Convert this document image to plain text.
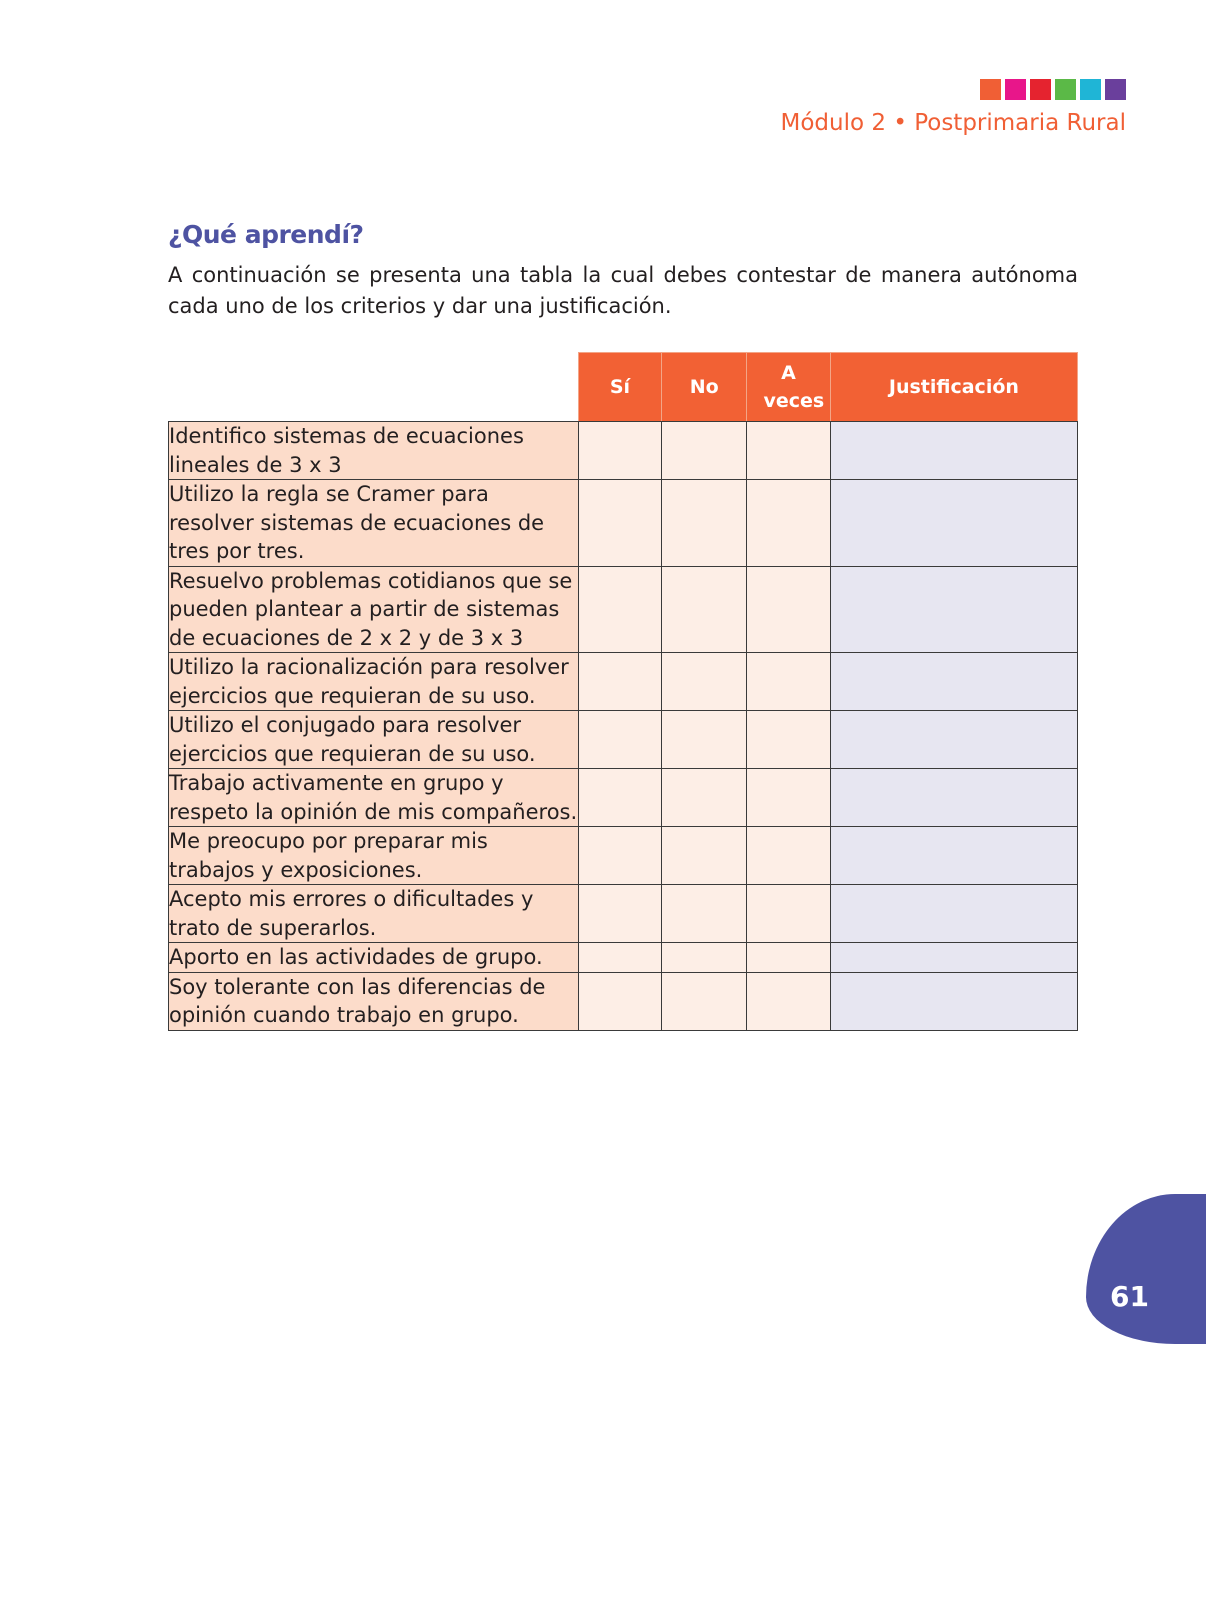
Módulo 2 • Postprimaria Rural
¿Qué aprendí?
A continuación se presenta una tabla la cual debes contestar de manera autónoma cada uno de los criterios y dar una justificación.
	Sí	No	A veces	Justificación
Identifico sistemas de ecuaciones lineales de 3 x 3				
Utilizo la regla se Cramer para resolver sistemas de ecuaciones de tres por tres.				
Resuelvo problemas cotidianos que se pueden plantear a partir de sistemas de ecuaciones de 2 x 2 y de 3 x 3				
Utilizo la racionalización para resolver ejercicios que requieran de su uso.				
Utilizo el conjugado para resolver ejercicios que requieran de su uso.				
Trabajo activamente en grupo y respeto la opinión de mis compañeros.				
Me preocupo por preparar mis trabajos y exposiciones.				
Acepto mis errores o dificultades y trato de superarlos.				
Aporto en las actividades de grupo.				
Soy tolerante con las diferencias de opinión cuando trabajo en grupo.				
61
